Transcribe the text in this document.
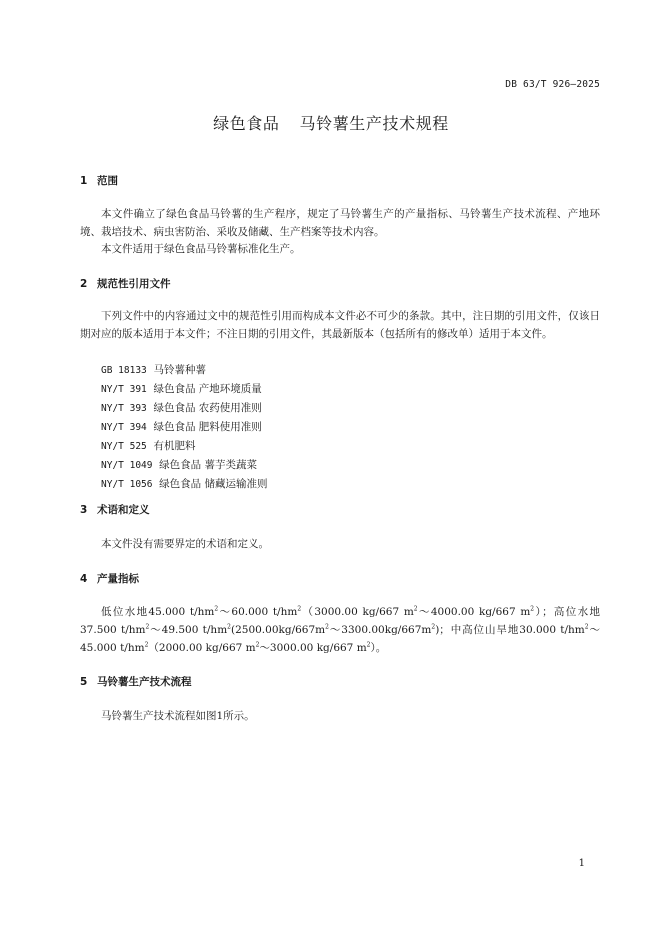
DB 63/T 926—2025
绿色食品 马铃薯生产技术规程
1 范围
本文件确立了绿色食品马铃薯的生产程序，规定了马铃薯生产的产量指标、马铃薯生产技术流程、产地环境、栽培技术、病虫害防治、采收及储藏、生产档案等技术内容。
本文件适用于绿色食品马铃薯标准化生产。
2 规范性引用文件
下列文件中的内容通过文中的规范性引用而构成本文件必不可少的条款。其中，注日期的引用文件，仅该日期对应的版本适用于本文件；不注日期的引用文件，其最新版本（包括所有的修改单）适用于本文件。
GB 18133 马铃薯种薯
NY/T 391 绿色食品 产地环境质量
NY/T 393 绿色食品 农药使用准则
NY/T 394 绿色食品 肥料使用准则
NY/T 525 有机肥料
NY/T 1049 绿色食品 薯芋类蔬菜
NY/T 1056 绿色食品 储藏运输准则
3 术语和定义
本文件没有需要界定的术语和定义。
4 产量指标
低位水地45.000 $t/hm^2\sim 60.000$ $t/hm^2(3000.00$ kg/667 $m^2\sim 4000.00$ kg/667 $m^2$）；高位水地37.500 $t/hm^2\sim 49.500$ $t/hm^2(2500.00kg/667m^2\sim 3300.00kg/667m^2)$；中高位山旱地30.000 $t/hm^2\sim 45.000$ $t/hm^2(2000.00$ kg/667 $m^2\sim 3000.00$ kg/667 $m^2$）。
5 马铃薯生产技术流程
马铃薯生产技术流程如图1所示。
1
